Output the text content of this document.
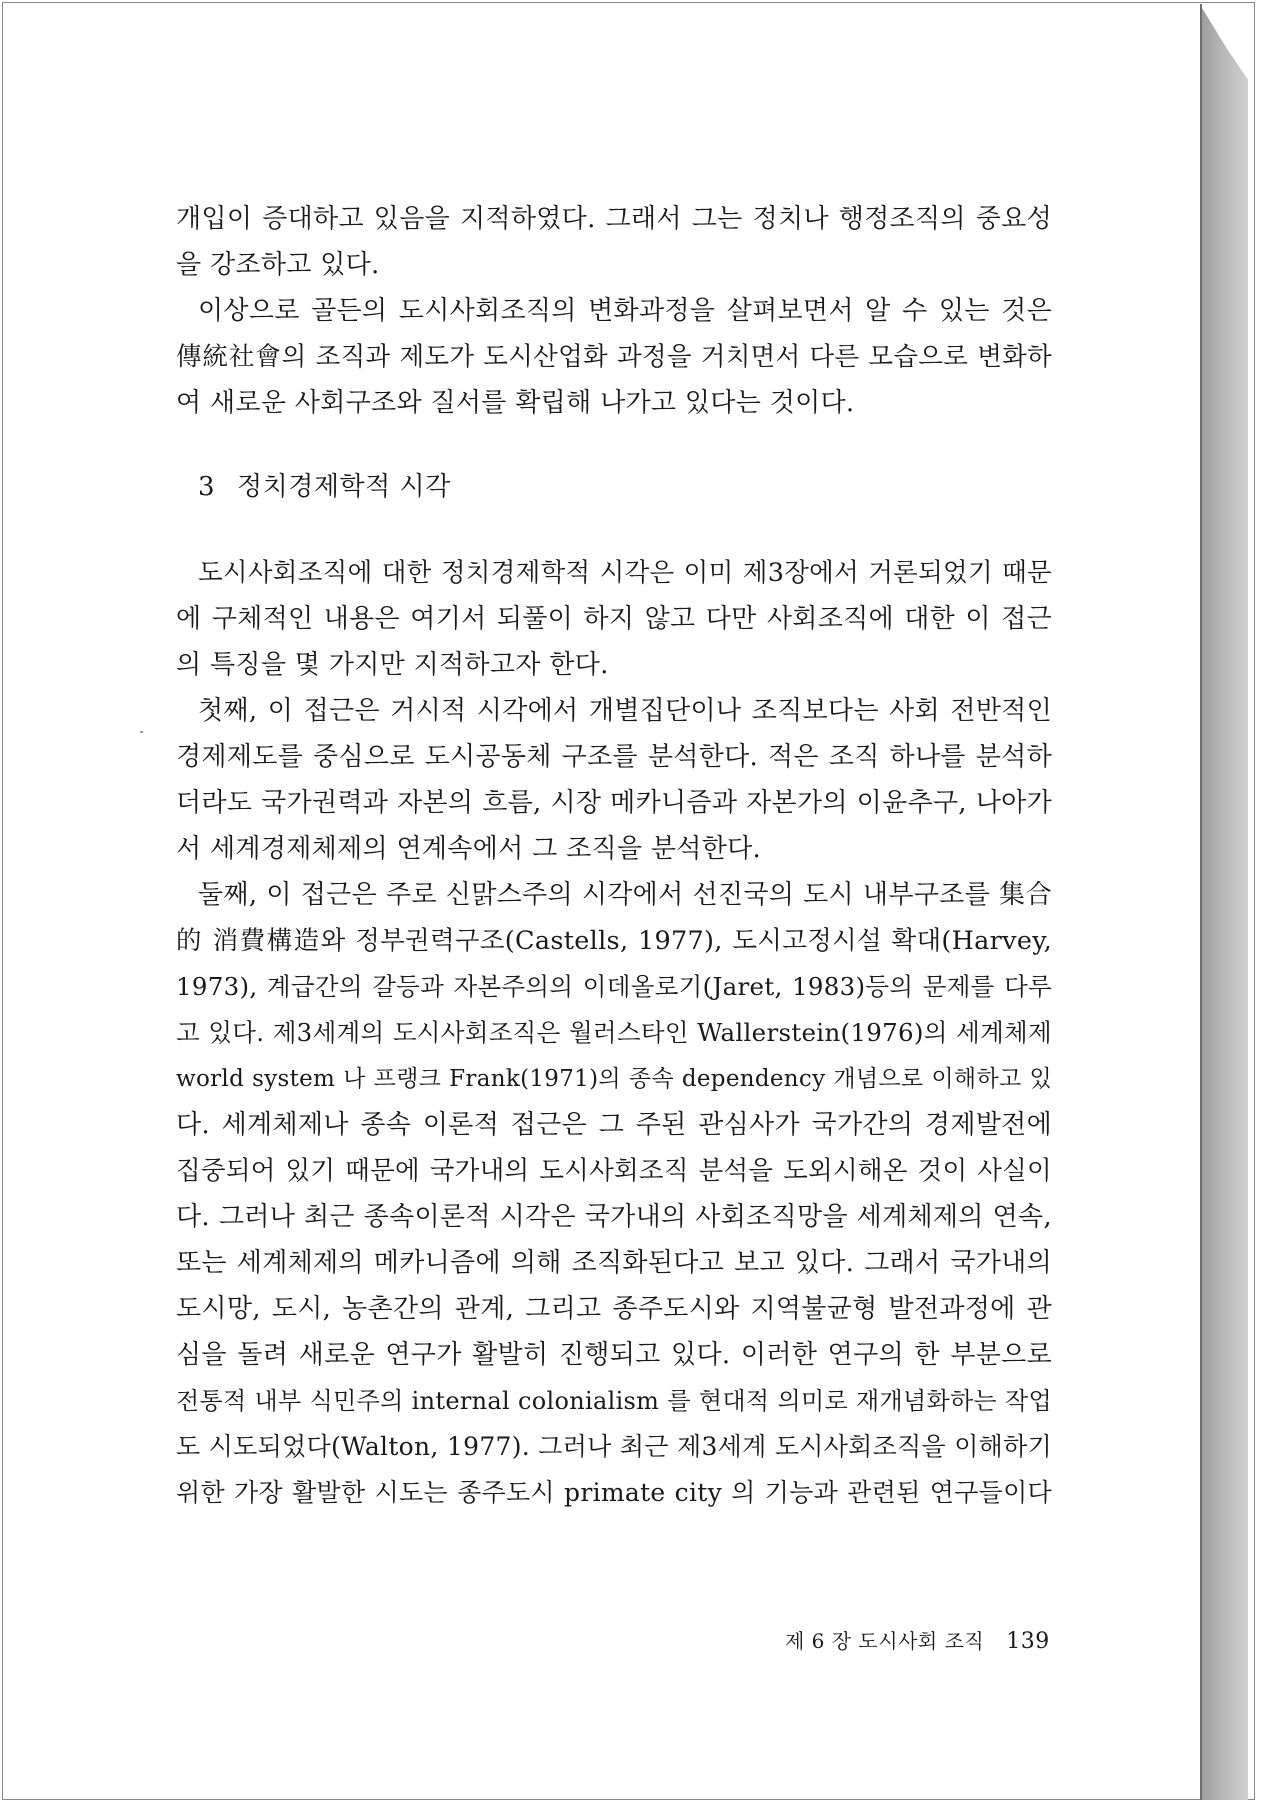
개입이 증대하고 있음을 지적하였다. 그래서 그는 정치나 행정조직의 중요성
을 강조하고 있다.
이상으로 골든의 도시사회조직의 변화과정을 살펴보면서 알 수 있는 것은
傳統社會의 조직과 제도가 도시산업화 과정을 거치면서 다른 모습으로 변화하
여 새로운 사회구조와 질서를 확립해 나가고 있다는 것이다.
3 정치경제학적 시각
도시사회조직에 대한 정치경제학적 시각은 이미 제3장에서 거론되었기 때문
에 구체적인 내용은 여기서 되풀이 하지 않고 다만 사회조직에 대한 이 접근
의 특징을 몇 가지만 지적하고자 한다.
첫째, 이 접근은 거시적 시각에서 개별집단이나 조직보다는 사회 전반적인
경제제도를 중심으로 도시공동체 구조를 분석한다. 적은 조직 하나를 분석하
더라도 국가권력과 자본의 흐름, 시장 메카니즘과 자본가의 이윤추구, 나아가
서 세계경제체제의 연계속에서 그 조직을 분석한다.
둘째, 이 접근은 주로 신맑스주의 시각에서 선진국의 도시 내부구조를 集合
的 消費構造와 정부권력구조(Castells, 1977), 도시고정시설 확대(Harvey,
1973), 계급간의 갈등과 자본주의의 이데올로기(Jaret, 1983)등의 문제를 다루
고 있다. 제3세계의 도시사회조직은 월러스타인 Wallerstein(1976)의 세계체제
world system 나 프랭크 Frank(1971)의 종속 dependency 개념으로 이해하고 있
다. 세계체제나 종속 이론적 접근은 그 주된 관심사가 국가간의 경제발전에
집중되어 있기 때문에 국가내의 도시사회조직 분석을 도외시해온 것이 사실이
다. 그러나 최근 종속이론적 시각은 국가내의 사회조직망을 세계체제의 연속,
또는 세계체제의 메카니즘에 의해 조직화된다고 보고 있다. 그래서 국가내의
도시망, 도시, 농촌간의 관계, 그리고 종주도시와 지역불균형 발전과정에 관
심을 돌려 새로운 연구가 활발히 진행되고 있다. 이러한 연구의 한 부분으로
전통적 내부 식민주의 internal colonialism 를 현대적 의미로 재개념화하는 작업
도 시도되었다(Walton, 1977). 그러나 최근 제3세계 도시사회조직을 이해하기
위한 가장 활발한 시도는 종주도시 primate city 의 기능과 관련된 연구들이다
제 6 장 도시사회 조직 139
